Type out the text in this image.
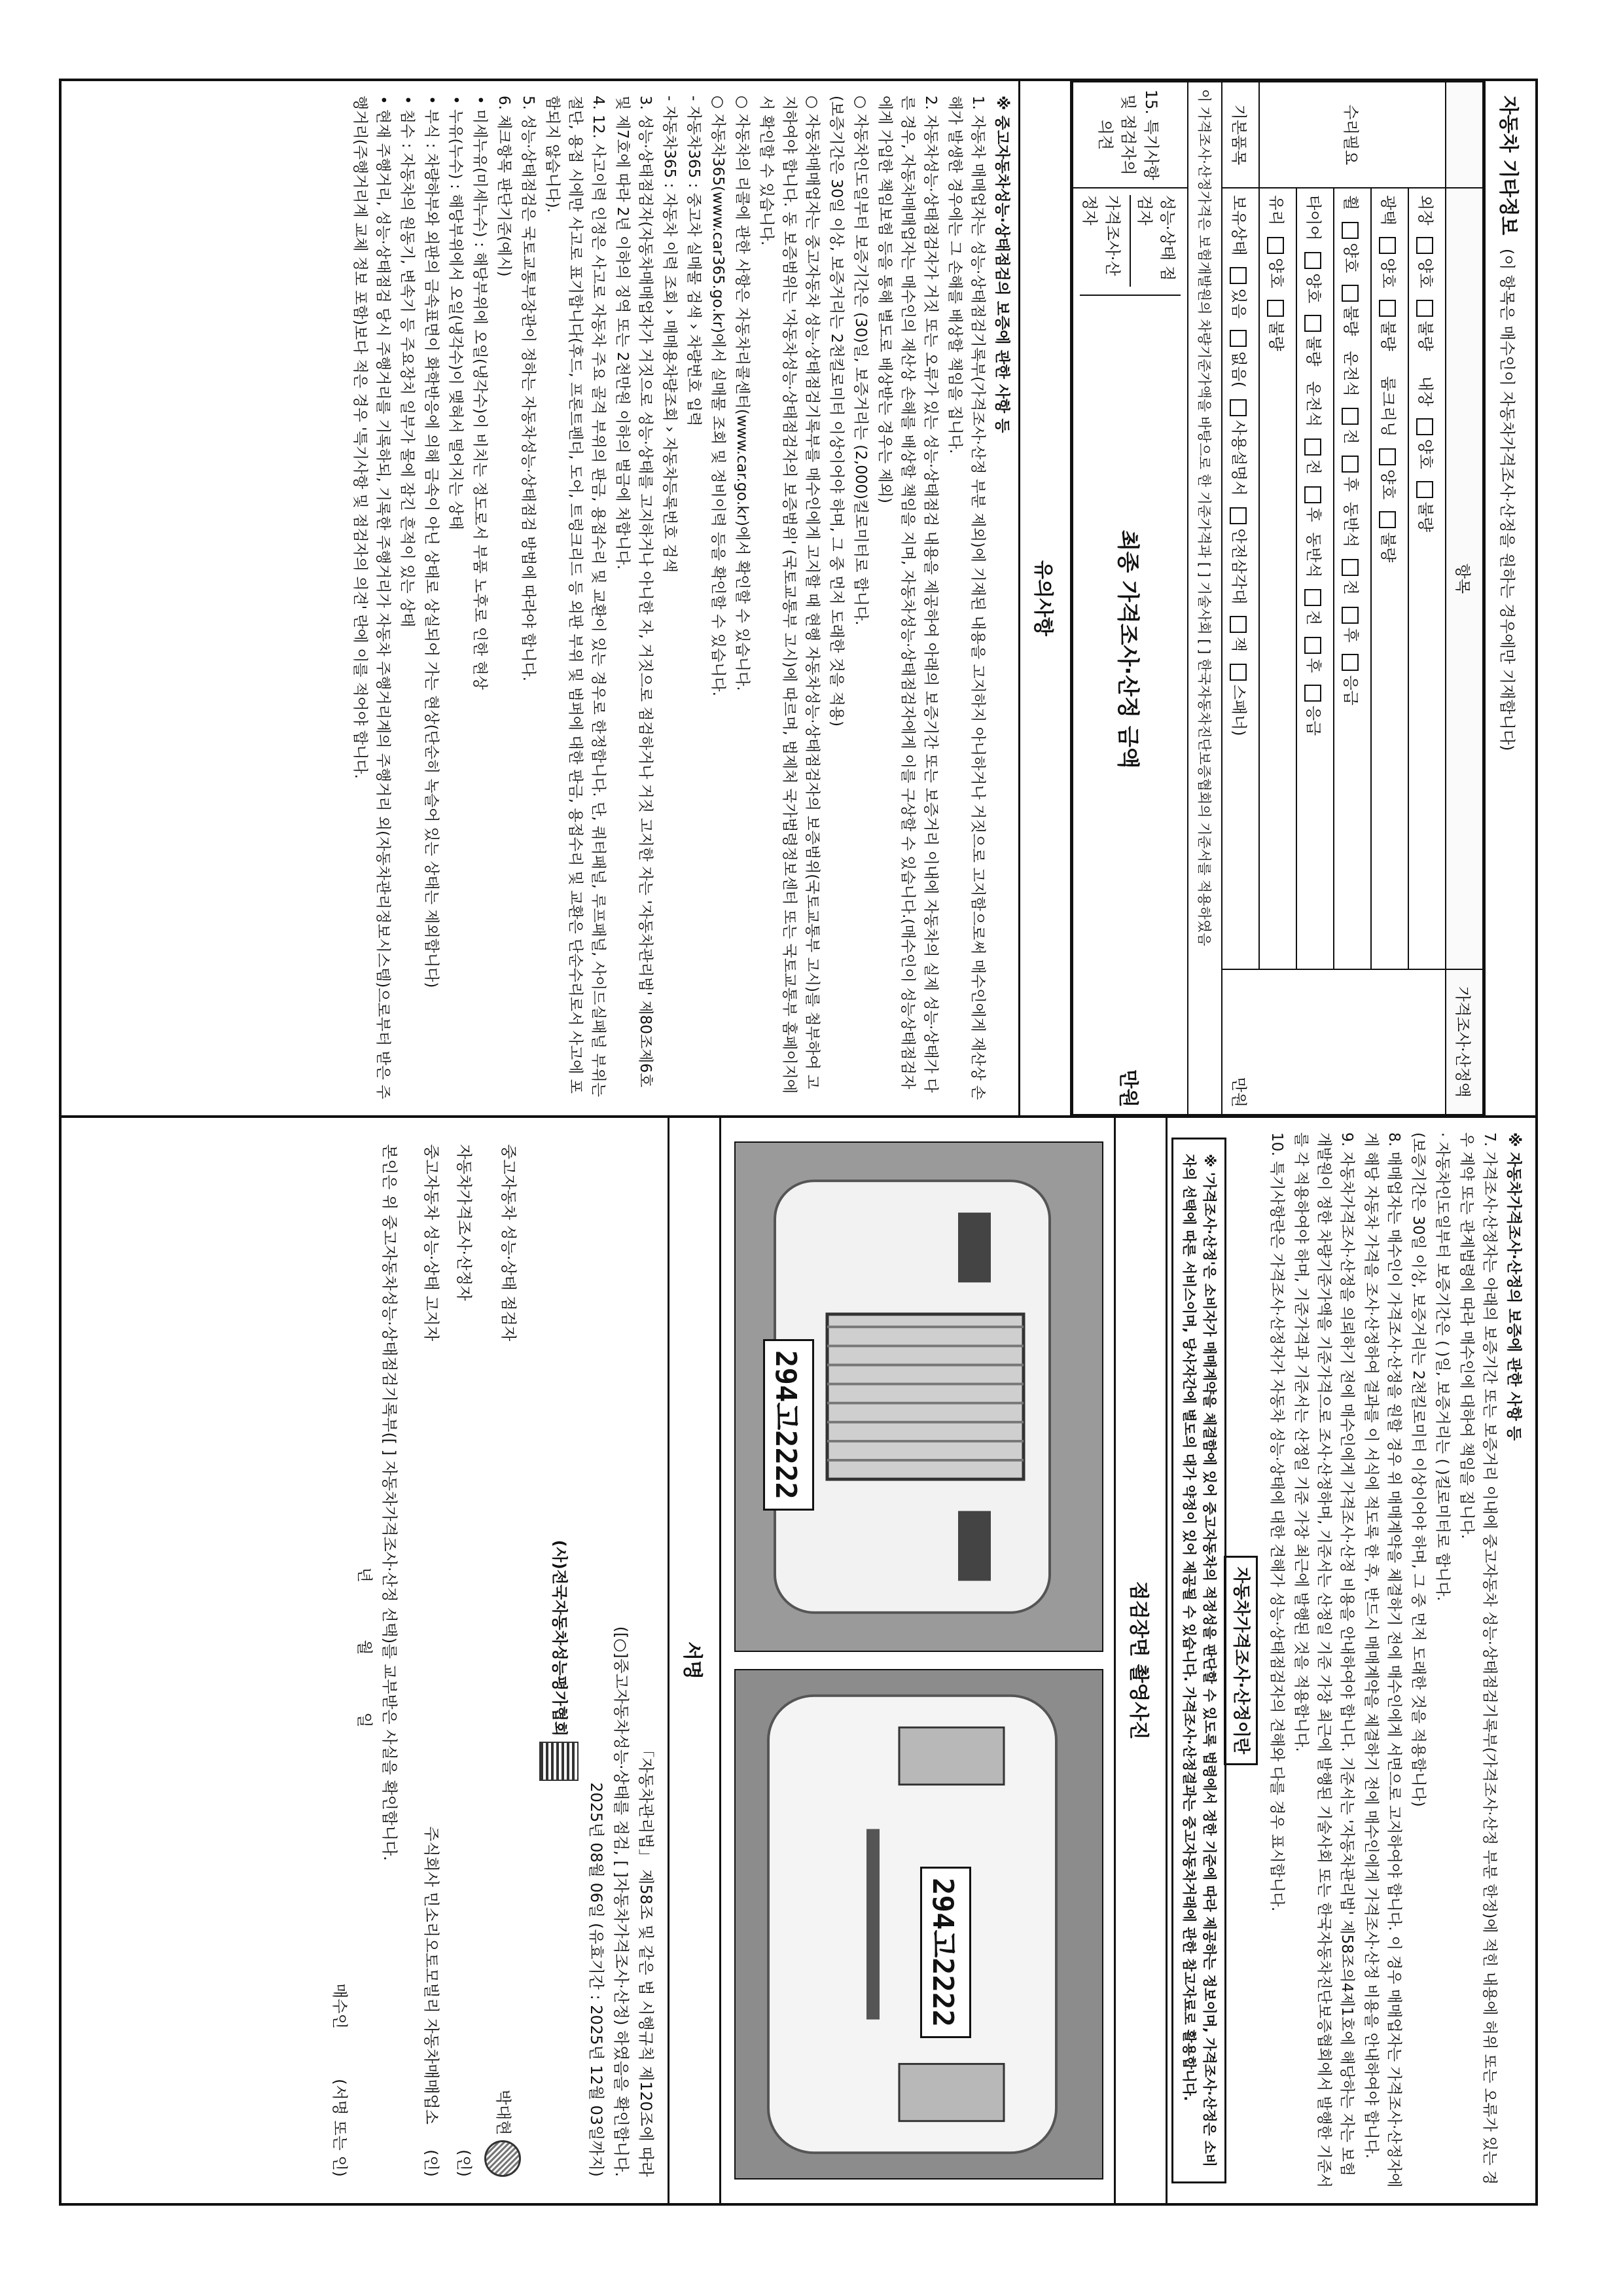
자동차 기타정보 (이 항목은 매수인이 자동차가격조사·산정을 원하는 경우에만 기재합니다)
	항목	가격조사·산정액
수리필요	외장 양호 불량     내장 양호 불량	만원
	광택 양호 불량     룸크리닝 양호 불량	
	휠 양호 불량   운전석 전 후  동반석 전 후 응급	
	타이어 양호 불량   운전석 전 후  동반석 전 후 응급	
	유리 양호 불량	
기본품목	보유상태 있음 없음( 사용설명서 안전삼각대 잭 스패너)	
이 가격조사·산정가격은 보험개발원의 차량기준가액을 바탕으로 한 기준가격과 [ ] 기술사회 [ ] 한국자동차진단보증협회의 기준서를 적용하였음		
15. 특기사항 및 점검자의 의견	성능·상태 점검자
가격조사·산정자
최종 가격조사·산정 금액
만원	
유의사항

※ 중고자동차성능·상태점검의 보증에 관한 사항 등

1. 자동차 매매업자는 성능·상태점검기록부(가격조사·산정 부분 제외)에 기재된 내용을 고지하지 아니하거나 거짓으로 고지함으로써 매수인에게 재산상 손해가 발생한 경우에는 그 손해를 배상할 책임을 집니다.

2. 자동차성능·상태점검자가 거짓 또는 오류가 있는 성능·상태점검 내용을 제공하여 아래의 보증기간 또는 보증거리 이내에 자동차의 실제 성능·상태가 다른 경우, 자동차매매업자는 매수인의 재산상 손해를 배상할 책임을 지며, 자동차성능·상태점검자에게 이를 구상할 수 있습니다.(매수인이 성능상태점검자에게 가입한 책임보험 등을 통해 별도로 배상받는 경우는 제외)

○ 자동차인도일부터 보증기간은 (30)일, 보증거리는 (2,000)킬로미터로 합니다.

(보증기간은 30일 이상, 보증거리는 2천킬로미터 이상이어야 하며, 그 중 먼저 도래한 것을 적용)

○ 자동차매매업자는 중고자동차 성능·상태점검기록부를 매수인에게 고지할 때 현행 자동차성능·상태점검자의 보증범위(국토교통부 고시)를 첨부하여 고지하여야 합니다. 동 보증범위는 '자동차성능·상태점검자의 보증범위' (국토교통부 고시)에 따르며, 법제처 국가법령정보센터 또는 국토교통부 홈페이지에서 확인할 수 있습니다.

○ 자동차의 리콜에 관한 사항은 자동차리콜센터(www.car.go.kr)에서 확인할 수 있습니다.

○ 자동차365(www.car365.go.kr)에서 실매물 조회 및 정비이력 등을 확인할 수 있습니다.

- 자동차365 : 중고차 실매물 검색 › 차량번호 입력

- 자동차365 : 자동차 이력 조회 › 매매용차량조회 › 자동차등록번호 검색

3. 성능·상태점검자(자동차매매업자가 거짓으로 성능·상태를 고지하거나 아니한 자, 거짓으로 점검하거나 거짓 고지한 자는 '자동차관리법' 제80조제6호 및 제7호에 따라 2년 이하의 징역 또는 2천만원 이하의 벌금에 처합니다.

4. 12. 사고이력 인정은 사고로 자동차 주요 골격 부위의 판금, 용접수리 및 교환이 있는 경우로 한정합니다. 단, 쿼터패널, 루프패널, 사이드실패널 부위는 절단, 용접 시에만 사고로 표기합니다(후드, 프론트펜더, 도어, 트렁크리드 등 외판 부위 및 범퍼에 대한 판금, 용접수리 및 교환은 단순수리로서 사고에 포함되지 않습니다).

5. 성능·상태점검은 국토교통부장관이 정하는 자동차성능·상태점검 방법에 따라야 합니다.

6. 체크항목 판단기준(예시)

• 미세누유(미세누수) : 해당부위에 오일(냉각수)이 비치는 정도로서 부품 노후로 인한 현상

• 누유(누수) : 해당부위에서 오일(냉각수)이 맺혀서 떨어지는 상태

• 부식 : 차량하부와 외판의 금속표면이 화학반응에 의해 금속이 아닌 상태로 상실되어 가는 현상(단순히 녹슬어 있는 상태는 제외합니다)

• 침수 : 자동차의 원동기, 변속기 등 주요장치 일부가 물에 잠긴 흔적이 있는 상태

• 현재 주행거리, 성능·상태점검 당시 주행거리를 기록하되, 기록한 주행거리가 자동차 주행거리계의 주행거리 외(자동차관리정보시스템)으로부터 받은 주행거리(주행거리계 교체 정보 포함)보다 적은 경우 '특기사항 및 점검자의 의견' 란에 이를 적어야 합니다.

※ 자동차가격조사·산정의 보증에 관한 사항 등

7. 가격조사·산정자는 아래의 보증기간 또는 보증거리 이내에 중고자동차 성능·상태점검기록부(가격조사·산정 부분 한정)에 적힌 내용에 허위 또는 오류가 있는 경우 계약 또는 관계법령에 따라 매수인에 대하여 책임을 집니다.

· 자동차인도일부터 보증기간은 ( )일, 보증거리는 ( )킬로미터로 합니다.

(보증기간은 30일 이상, 보증거리는 2천킬로미터 이상이어야 하며, 그 중 먼저 도래한 것을 적용합니다)

8. 매매업자는 매수인이 가격조사·산정을 원할 경우 위 매매계약을 체결하기 전에 매수인에게 서면으로 고지하여야 합니다. 이 경우 매매업자는 가격조사·산정자에게 해당 자동차 가격을 조사·산정하여 결과를 이 서식에 적도록 한 후, 반드시 매매계약을 체결하기 전에 매수인에게 가격조사·산정 비용을 안내하여야 합니다.

9. 자동차가격조사·산정을 의뢰하기 전에 매수인에게 가격조사·산정 비용을 안내하여야 합니다. 기준서는 '자동차관리법' 제58조의4제1호에 해당하는 자는 보험개발원이 정한 차량기준가액을 기준가격으로 조사·산정하며, 기준서는 산정일 기준 가장 최근에 발행된 기술사회 또는 한국자동차진단보증협회에서 발행한 기준서를 각 적용하여야 하며, 기준가격과 기준서는 산정일 기준 가장 최근에 발행된 것을 적용합니다.

10. 특기사항란은 가격조사·산정자가 자동차 성능·상태에 대한 견해가 성능·상태점검자의 견해와 다를 경우 표시합니다.

자동차가격조사·산정이란
※ '가격조사·산정'은 소비자가 매매계약을 체결함에 있어 중고자동차의 적정성을 판단할 수 있도록 법령에서 정한 기준에 따라 제공하는 정보이며, 가격조사·산정은 소비자의 선택에 따른 서비스이며, 당사자간에 별도의 대가 약정이 있어 제공될 수 있습니다. 가격조사·산정결과는 중고자동차거래에 관한 참고자료로 활용합니다.
점검장면 촬영사진
294고2222
294고2222
서명
「자동차관리법」 제58조 및 같은 법 시행규칙 제120조에 따라
([○]중고자동차성능·상태를 점검, [ ]자동차가격조사·산정) 하였음을 확인합니다.
2025년 08월 06일 (유효기간 : 2025년 12월 03일까지)
(사)전국자동차성능평가협회
중고자동차 성능·상태 점검자
박대현
자동차가격조사·산정자
(인)
중고자동차 성능·상태 고지자
주식회사 민소리오토모빌리 자동차매매업소     (인)
본인은 위 중고자동차성능·상태점검기록부([ ] 자동차가격조사·산정 선택)를 교부받은 사실을 확인합니다.
년 월 일
매수인          (서명 또는 인)
